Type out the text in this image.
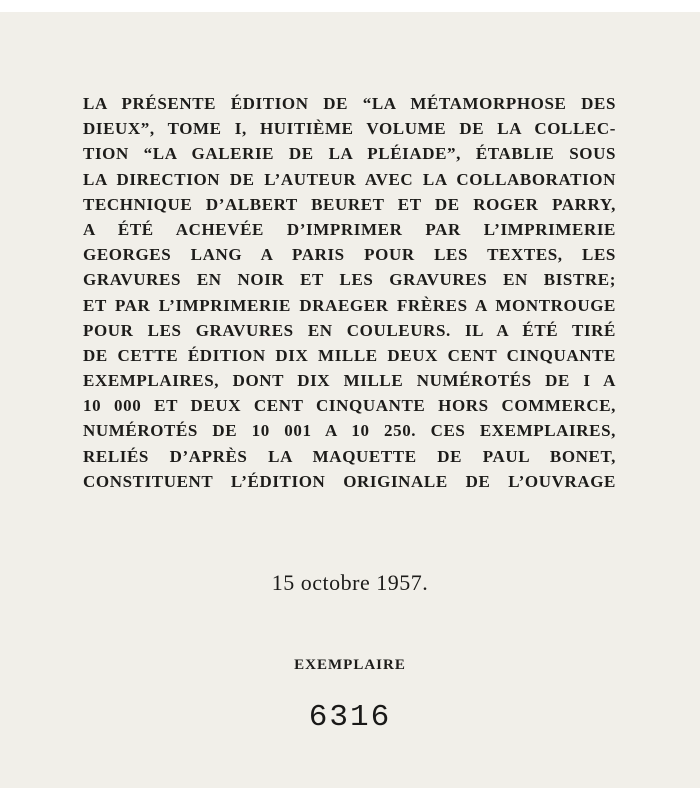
LA PRÉSENTE ÉDITION DE “LA MÉTAMORPHOSE DES
DIEUX”, TOME I, HUITIÈME VOLUME DE LA COLLEC-
TION “LA GALERIE DE LA PLÉIADE”, ÉTABLIE SOUS
LA DIRECTION DE L’AUTEUR AVEC LA COLLABORATION
TECHNIQUE D’ALBERT BEURET ET DE ROGER PARRY,
A ÉTÉ ACHEVÉE D’IMPRIMER PAR L’IMPRIMERIE
GEORGES LANG A PARIS POUR LES TEXTES, LES
GRAVURES EN NOIR ET LES GRAVURES EN BISTRE;
ET PAR L’IMPRIMERIE DRAEGER FRÈRES A MONTROUGE
POUR LES GRAVURES EN COULEURS. IL A ÉTÉ TIRÉ
DE CETTE ÉDITION DIX MILLE DEUX CENT CINQUANTE
EXEMPLAIRES, DONT DIX MILLE NUMÉROTÉS DE I A
10 000 ET DEUX CENT CINQUANTE HORS COMMERCE,
NUMÉROTÉS DE 10 001 A 10 250. CES EXEMPLAIRES,
RELIÉS D’APRÈS LA MAQUETTE DE PAUL BONET,
CONSTITUENT L’ÉDITION ORIGINALE DE L’OUVRAGE
15 octobre 1957.
EXEMPLAIRE
6316
